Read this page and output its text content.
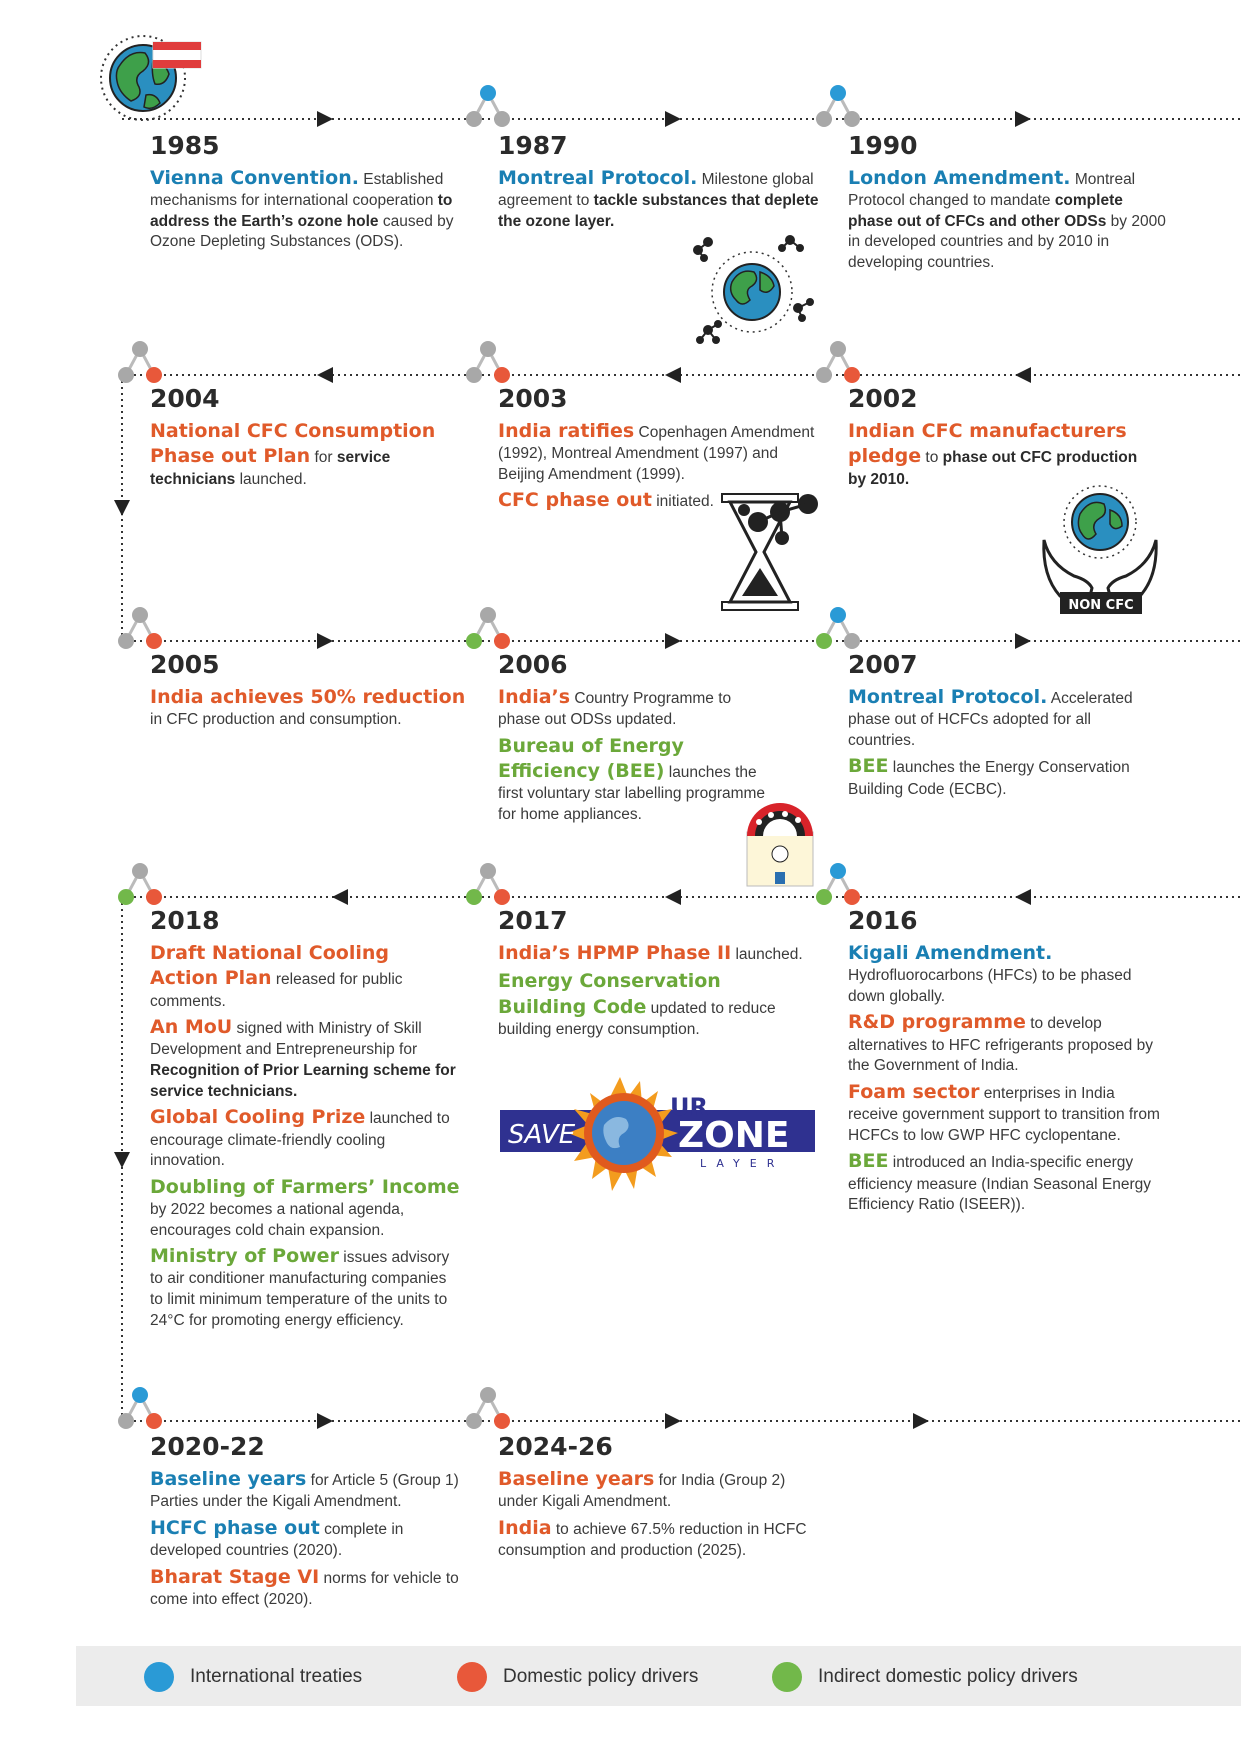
NON CFC
SAVE
UR
ZONE
LAYER
1985
Vienna Convention. Established mechanisms for international cooperation to address the Earth’s ozone hole caused by Ozone Depleting Substances (ODS).
1987
Montreal Protocol. Milestone global agreement to tackle substances that deplete the ozone layer.
1990
London Amendment. Montreal Protocol changed to mandate complete phase out of CFCs and other ODSs by 2000 in developed countries and by 2010 in developing countries.
2004
National CFC Consumption Phase out Plan for service technicians launched.
2003
India ratifies Copenhagen Amendment (1992), Montreal Amendment (1997) and Beijing Amendment (1999).
CFC phase out initiated.
2002
Indian CFC manufacturers pledge to phase out CFC production by 2010.
2005
India achieves 50% reduction in CFC production and consumption.
2006
India’s Country Programme to phase out ODSs updated.
Bureau of Energy Efficiency (BEE) launches the first voluntary star labelling programme for home appliances.
2007
Montreal Protocol. Accelerated phase out of HCFCs adopted for all countries.
BEE launches the Energy Conservation Building Code (ECBC).
2018
Draft National Cooling Action Plan released for public comments.
An MoU signed with Ministry of Skill Development and Entrepreneurship for Recognition of Prior Learning scheme for service technicians.
Global Cooling Prize launched to encourage climate-friendly cooling innovation.
Doubling of Farmers’ Income by 2022 becomes a national agenda, encourages cold chain expansion.
Ministry of Power issues advisory to air conditioner manufacturing companies to limit minimum temperature of the units to 24°C for promoting energy efficiency.
2017
India’s HPMP Phase II launched.
Energy Conservation Building Code updated to reduce building energy consumption.
2016
Kigali Amendment. Hydrofluorocarbons (HFCs) to be phased down globally.
R&D programme to develop alternatives to HFC refrigerants proposed by the Government of India.
Foam sector enterprises in India receive government support to transition from HCFCs to low GWP HFC cyclopentane.
BEE introduced an India-specific energy efficiency measure (Indian Seasonal Energy Efficiency Ratio (ISEER)).
2020-22
Baseline years for Article 5 (Group 1) Parties under the Kigali Amendment.
HCFC phase out complete in developed countries (2020).
Bharat Stage VI norms for vehicle to come into effect (2020).
2024-26
Baseline years for India (Group 2) under Kigali Amendment.
India to achieve 67.5% reduction in HCFC consumption and production (2025).
International treaties	Domestic policy drivers	Indirect domestic policy drivers
